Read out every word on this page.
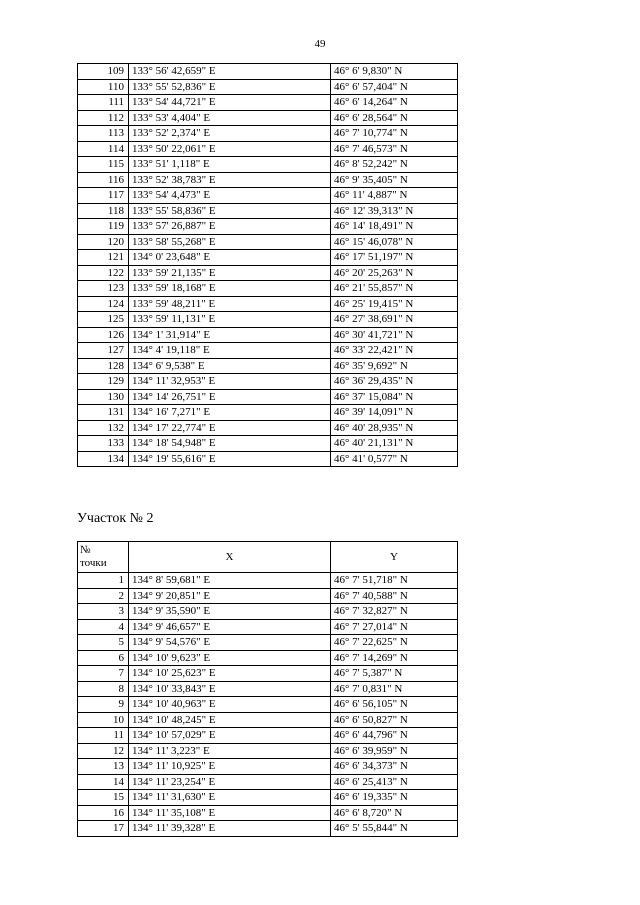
49
109	133° 56' 42,659" E	46° 6' 9,830" N
110	133° 55' 52,836" E	46° 6' 57,404" N
111	133° 54' 44,721" E	46° 6' 14,264" N
112	133° 53' 4,404" E	46° 6' 28,564" N
113	133° 52' 2,374" E	46° 7' 10,774" N
114	133° 50' 22,061" E	46° 7' 46,573" N
115	133° 51' 1,118" E	46° 8' 52,242" N
116	133° 52' 38,783" E	46° 9' 35,405" N
117	133° 54' 4,473" E	46° 11' 4,887" N
118	133° 55' 58,836" E	46° 12' 39,313" N
119	133° 57' 26,887" E	46° 14' 18,491" N
120	133° 58' 55,268" E	46° 15' 46,078" N
121	134° 0' 23,648" E	46° 17' 51,197" N
122	133° 59' 21,135" E	46° 20' 25,263" N
123	133° 59' 18,168" E	46° 21' 55,857" N
124	133° 59' 48,211" E	46° 25' 19,415" N
125	133° 59' 11,131" E	46° 27' 38,691" N
126	134° 1' 31,914" E	46° 30' 41,721" N
127	134° 4' 19,118" E	46° 33' 22,421" N
128	134° 6' 9,538" E	46° 35' 9,692" N
129	134° 11' 32,953" E	46° 36' 29,435" N
130	134° 14' 26,751" E	46° 37' 15,084" N
131	134° 16' 7,271" E	46° 39' 14,091" N
132	134° 17' 22,774" E	46° 40' 28,935" N
133	134° 18' 54,948" E	46° 40' 21,131" N
134	134° 19' 55,616" E	46° 41' 0,577" N
Участок № 2
№
точки	X	Y
1	134° 8' 59,681" E	46° 7' 51,718" N
2	134° 9' 20,851" E	46° 7' 40,588" N
3	134° 9' 35,590" E	46° 7' 32,827" N
4	134° 9' 46,657" E	46° 7' 27,014" N
5	134° 9' 54,576" E	46° 7' 22,625" N
6	134° 10' 9,623" E	46° 7' 14,269" N
7	134° 10' 25,623" E	46° 7' 5,387" N
8	134° 10' 33,843" E	46° 7' 0,831" N
9	134° 10' 40,963" E	46° 6' 56,105" N
10	134° 10' 48,245" E	46° 6' 50,827" N
11	134° 10' 57,029" E	46° 6' 44,796" N
12	134° 11' 3,223" E	46° 6' 39,959" N
13	134° 11' 10,925" E	46° 6' 34,373" N
14	134° 11' 23,254" E	46° 6' 25,413" N
15	134° 11' 31,630" E	46° 6' 19,335" N
16	134° 11' 35,108" E	46° 6' 8,720" N
17	134° 11' 39,328" E	46° 5' 55,844" N
